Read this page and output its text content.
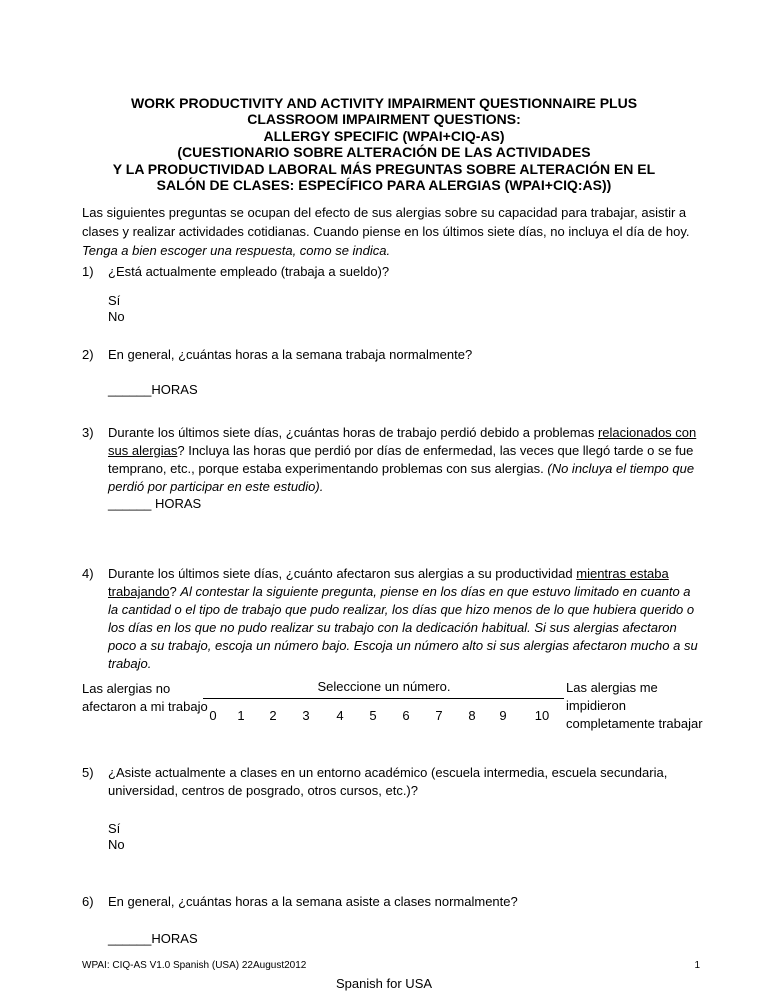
WORK PRODUCTIVITY AND ACTIVITY IMPAIRMENT QUESTIONNAIRE PLUS
CLASSROOM IMPAIRMENT QUESTIONS:
ALLERGY SPECIFIC (WPAI+CIQ-AS)
(CUESTIONARIO SOBRE ALTERACIÓN DE LAS ACTIVIDADES
Y LA PRODUCTIVIDAD LABORAL MÁS PREGUNTAS SOBRE ALTERACIÓN EN EL
SALÓN DE CLASES: ESPECÍFICO PARA ALERGIAS (WPAI+CIQ:AS))
Las siguientes preguntas se ocupan del efecto de sus alergias sobre su capacidad para trabajar, asistir a clases y realizar actividades cotidianas. Cuando piense en los últimos siete días, no incluya el día de hoy.
Tenga a bien escoger una respuesta, como se indica.
1) ¿Está actualmente empleado (trabaja a sueldo)?
Sí
No
2) En general, ¿cuántas horas a la semana trabaja normalmente?
______HORAS
3) Durante los últimos siete días, ¿cuántas horas de trabajo perdió debido a problemas relacionados con sus alergias? Incluya las horas que perdió por días de enfermedad, las veces que llegó tarde o se fue temprano, etc., porque estaba experimentando problemas con sus alergias. (No incluya el tiempo que perdió por participar en este estudio).
______ HORAS
4) Durante los últimos siete días, ¿cuánto afectaron sus alergias a su productividad mientras estaba trabajando? Al contestar la siguiente pregunta, piense en los días en que estuvo limitado en cuanto a la cantidad o el tipo de trabajo que pudo realizar, los días que hizo menos de lo que hubiera querido o los días en los que no pudo realizar su trabajo con la dedicación habitual. Si sus alergias afectaron poco a su trabajo, escoja un número bajo. Escoja un número alto si sus alergias afectaron mucho a su trabajo.
Seleccione un número.
Las alergias no
afectaron a mi trabajo
Las alergias me
impidieron
completamente trabajar
0	1	2	3	4	5	6	7	8	9	10
5) ¿Asiste actualmente a clases en un entorno académico (escuela intermedia, escuela secundaria, universidad, centros de posgrado, otros cursos, etc.)?
Sí
No
6) En general, ¿cuántas horas a la semana asiste a clases normalmente?
______HORAS
WPAI: CIQ-AS V1.0 Spanish (USA) 22August2012	1
Spanish for USA
